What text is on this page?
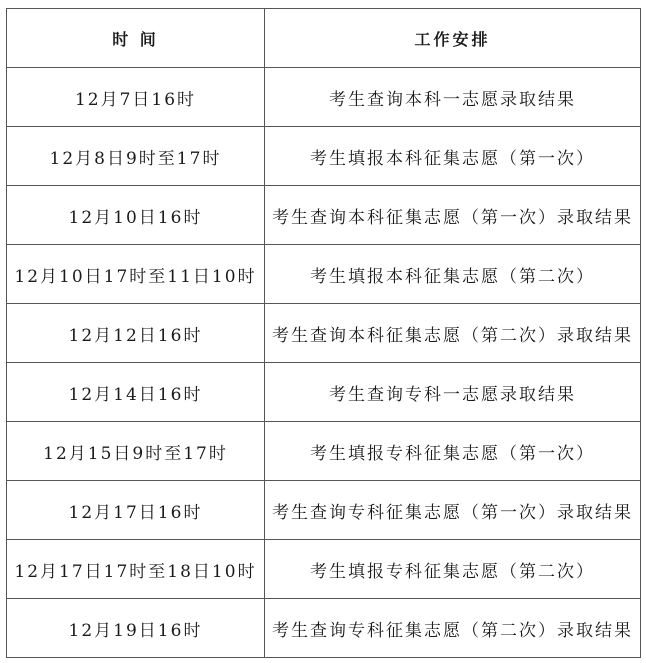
时 间	工作安排
12月7日16时	考生查询本科一志愿录取结果
12月8日9时至17时	考生填报本科征集志愿（第一次）
12月10日16时	考生查询本科征集志愿（第一次）录取结果
12月10日17时至11日10时	考生填报本科征集志愿（第二次）
12月12日16时	考生查询本科征集志愿（第二次）录取结果
12月14日16时	考生查询专科一志愿录取结果
12月15日9时至17时	考生填报专科征集志愿（第一次）
12月17日16时	考生查询专科征集志愿（第一次）录取结果
12月17日17时至18日10时	考生填报专科征集志愿（第二次）
12月19日16时	考生查询专科征集志愿（第二次）录取结果
